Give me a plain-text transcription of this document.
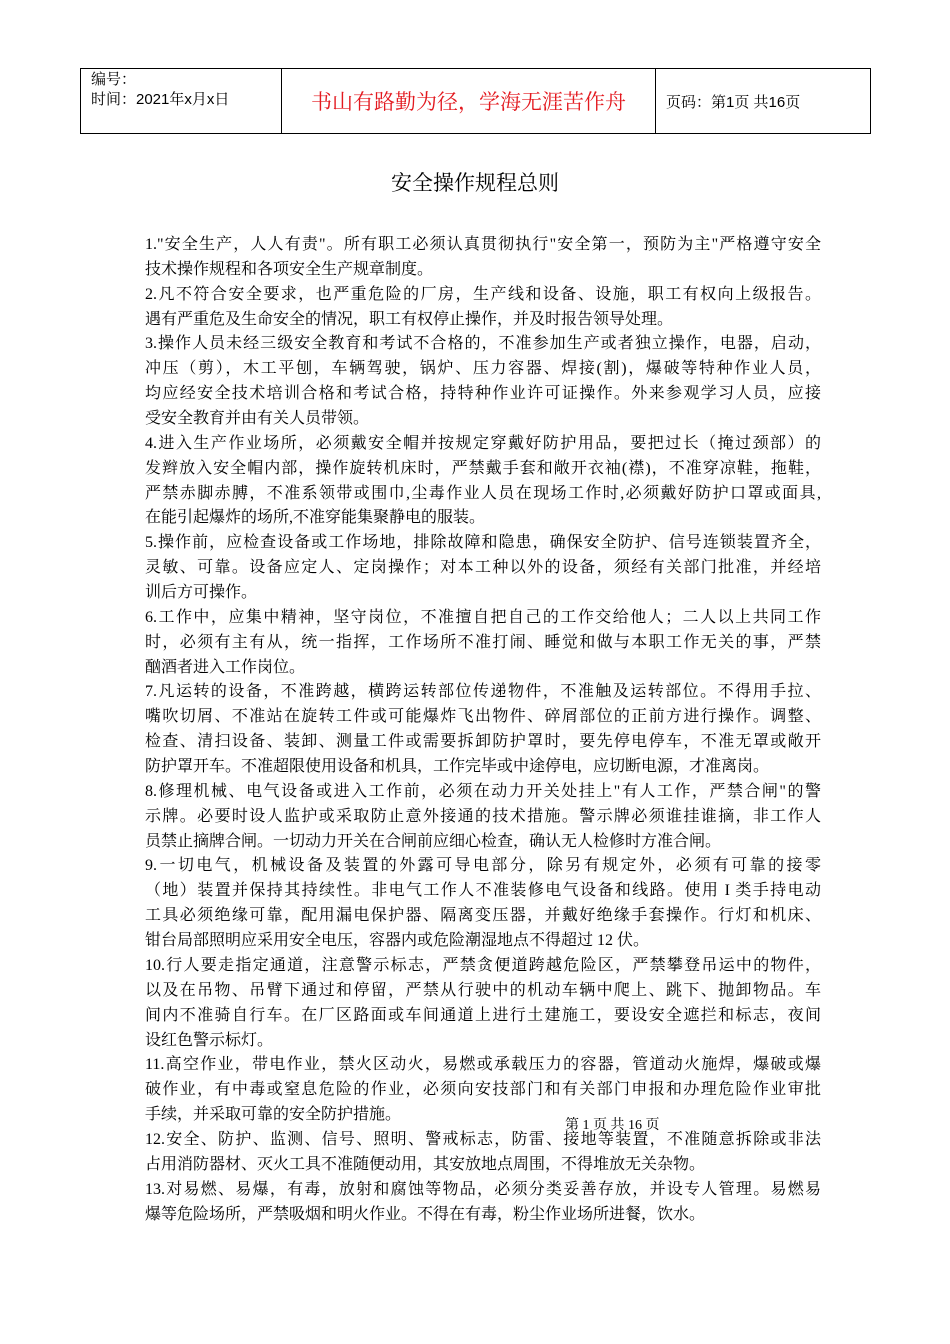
编号：
时间：2021年x月x日	书山有路勤为径，学海无涯苦作舟	页码：第1页 共16页
安全操作规程总则
1."安全生产，人人有责"。所有职工必须认真贯彻执行"安全第一，预防为主"严格遵守安全
技术操作规程和各项安全生产规章制度。
2.凡不符合安全要求，也严重危险的厂房，生产线和设备、设施，职工有权向上级报告。
遇有严重危及生命安全的情况，职工有权停止操作，并及时报告领导处理。
3.操作人员未经三级安全教育和考试不合格的，不准参加生产或者独立操作，电器，启动，
冲压（剪），木工平刨，车辆驾驶，锅炉、压力容器、焊接(割)，爆破等特种作业人员，
均应经安全技术培训合格和考试合格，持特种作业许可证操作。外来参观学习人员，应接
受安全教育并由有关人员带领。
4.进入生产作业场所，必须戴安全帽并按规定穿戴好防护用品，要把过长（掩过颈部）的
发辫放入安全帽内部，操作旋转机床时，严禁戴手套和敞开衣袖(襟)，不准穿凉鞋，拖鞋，
严禁赤脚赤膊，不准系领带或围巾,尘毒作业人员在现场工作时,必须戴好防护口罩或面具,
在能引起爆炸的场所,不准穿能集聚静电的服装。
5.操作前，应检查设备或工作场地，排除故障和隐患，确保安全防护、信号连锁装置齐全，
灵敏、可靠。设备应定人、定岗操作；对本工种以外的设备，须经有关部门批准，并经培
训后方可操作。
6.工作中，应集中精神，坚守岗位，不准擅自把自己的工作交给他人；二人以上共同工作
时，必须有主有从，统一指挥，工作场所不准打闹、睡觉和做与本职工作无关的事，严禁
酗酒者进入工作岗位。
7.凡运转的设备，不准跨越，横跨运转部位传递物件，不准触及运转部位。不得用手拉、
嘴吹切屑、不准站在旋转工件或可能爆炸飞出物件、碎屑部位的正前方进行操作。调整、
检查、清扫设备、装卸、测量工件或需要拆卸防护罩时，要先停电停车，不准无罩或敞开
防护罩开车。不准超限使用设备和机具，工作完毕或中途停电，应切断电源，才准离岗。
8.修理机械、电气设备或进入工作前，必须在动力开关处挂上"有人工作，严禁合闸"的警
示牌。必要时设人监护或采取防止意外接通的技术措施。警示牌必须谁挂谁摘，非工作人
员禁止摘牌合闸。一切动力开关在合闸前应细心检查，确认无人检修时方准合闸。
9.一切电气，机械设备及装置的外露可导电部分，除另有规定外，必须有可靠的接零
（地）装置并保持其持续性。非电气工作人不准装修电气设备和线路。使用 I 类手持电动
工具必须绝缘可靠，配用漏电保护器、隔离变压器，并戴好绝缘手套操作。行灯和机床、
钳台局部照明应采用安全电压，容器内或危险潮湿地点不得超过 12 伏。
10.行人要走指定通道，注意警示标志，严禁贪便道跨越危险区，严禁攀登吊运中的物件，
以及在吊物、吊臂下通过和停留，严禁从行驶中的机动车辆中爬上、跳下、抛卸物品。车
间内不准骑自行车。在厂区路面或车间通道上进行土建施工，要设安全遮拦和标志，夜间
设红色警示标灯。
11.高空作业，带电作业，禁火区动火，易燃或承载压力的容器，管道动火施焊，爆破或爆
破作业，有中毒或窒息危险的作业，必须向安技部门和有关部门申报和办理危险作业审批
手续，并采取可靠的安全防护措施。
12.安全、防护、监测、信号、照明、警戒标志，防雷、接地等装置，不准随意拆除或非法
占用消防器材、灭火工具不准随便动用，其安放地点周围，不得堆放无关杂物。
13.对易燃、易爆，有毒，放射和腐蚀等物品，必须分类妥善存放，并设专人管理。易燃易
爆等危险场所，严禁吸烟和明火作业。不得在有毒，粉尘作业场所进餐，饮水。
第 1 页 共 16 页
